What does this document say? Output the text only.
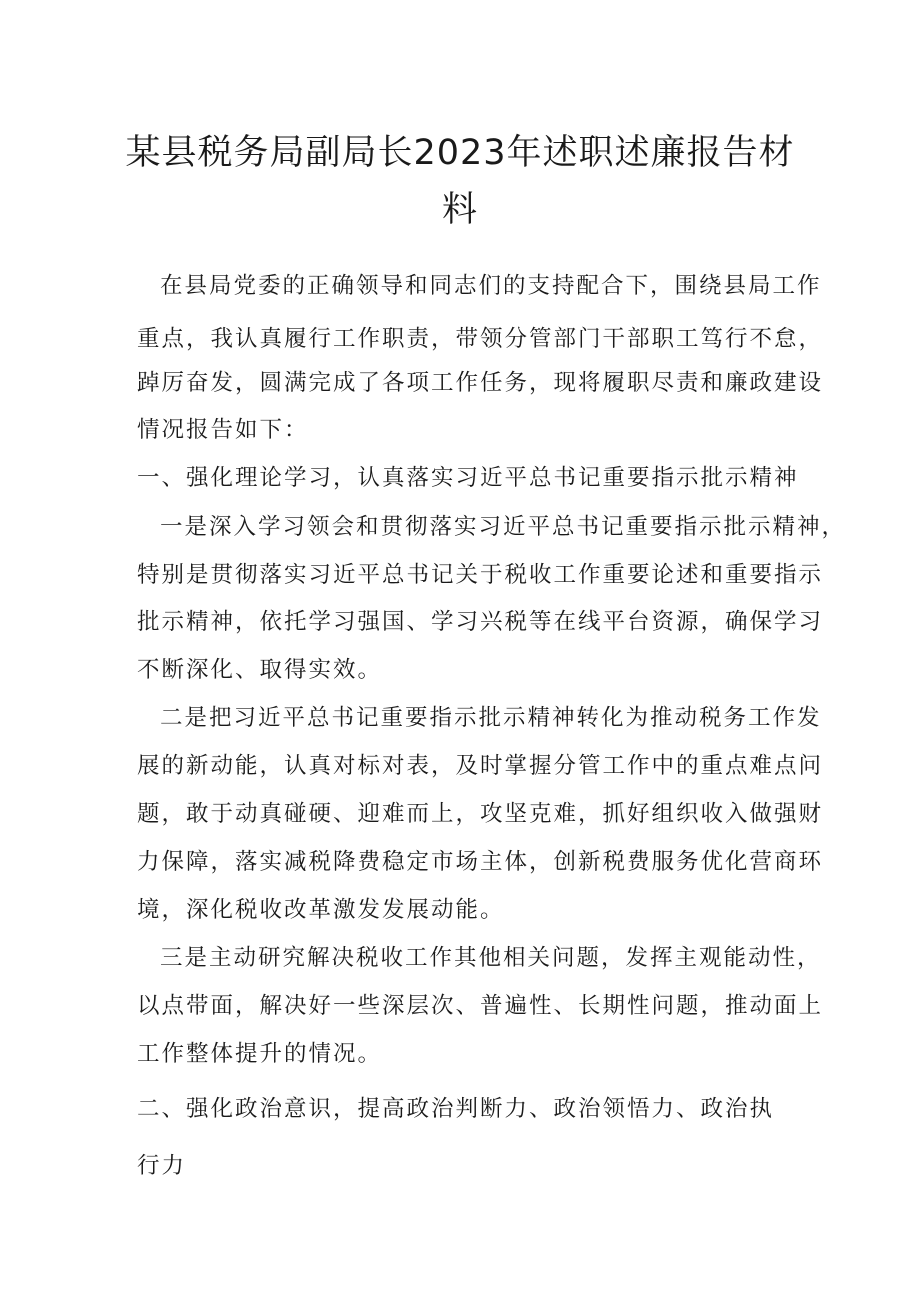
某县税务局副局长2023年述职述廉报告材
料

在县局党委的正确领导和同志们的支持配合下，围绕县局工作

重点，我认真履行工作职责，带领分管部门干部职工笃行不怠，

踔厉奋发，圆满完成了各项工作任务，现将履职尽责和廉政建设

情况报告如下：

一、强化理论学习，认真落实习近平总书记重要指示批示精神

一是深入学习领会和贯彻落实习近平总书记重要指示批示精神，

特别是贯彻落实习近平总书记关于税收工作重要论述和重要指示

批示精神，依托学习强国、学习兴税等在线平台资源，确保学习

不断深化、取得实效。

二是把习近平总书记重要指示批示精神转化为推动税务工作发

展的新动能，认真对标对表，及时掌握分管工作中的重点难点问

题，敢于动真碰硬、迎难而上，攻坚克难，抓好组织收入做强财

力保障，落实减税降费稳定市场主体，创新税费服务优化营商环

境，深化税收改革激发发展动能。

三是主动研究解决税收工作其他相关问题，发挥主观能动性，

以点带面，解决好一些深层次、普遍性、长期性问题，推动面上

工作整体提升的情况。

二、强化政治意识，提高政治判断力、政治领悟力、政治执

行力
